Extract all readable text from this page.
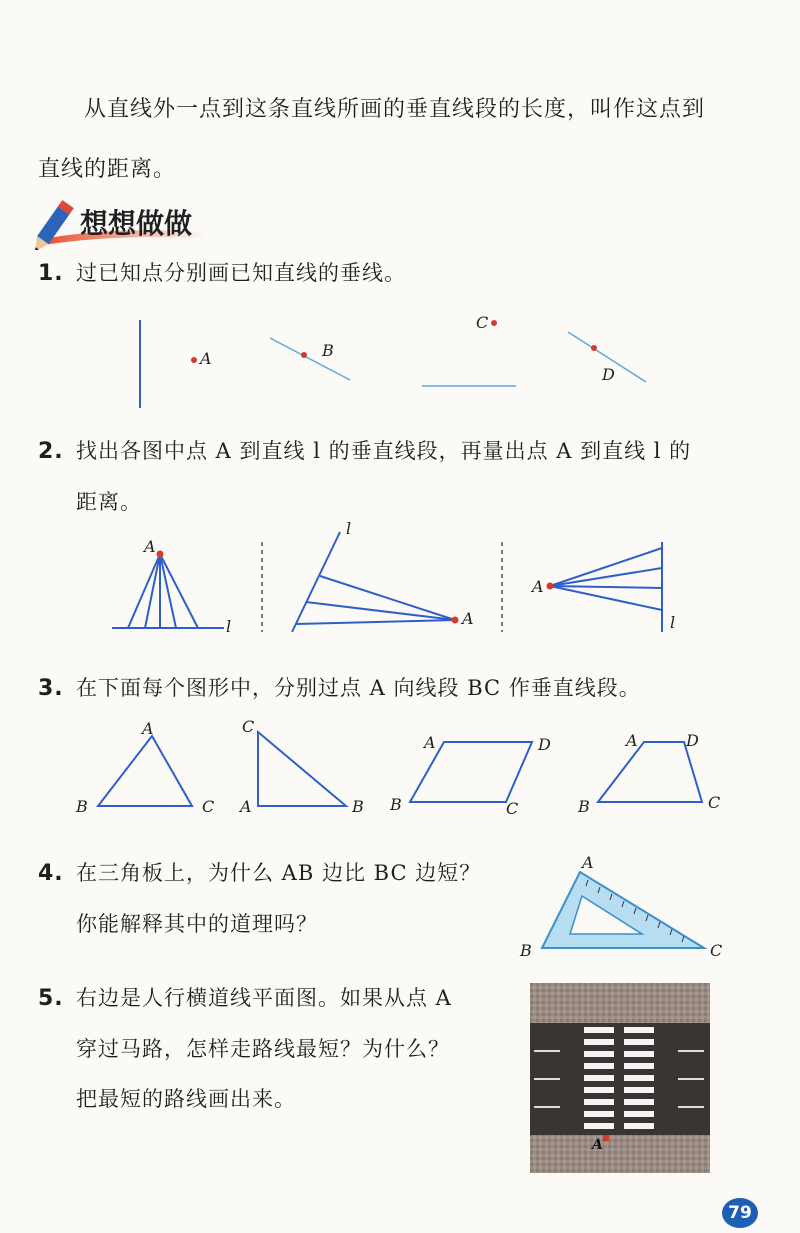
从直线外一点到这条直线所画的垂直线段的长度，叫作这点到
直线的距离。

想想做做
1. 过已知点分别画已知直线的垂线。
A	B
C
D
2. 找出各图中点 A 到直线 l 的垂直线段，再量出点 A 到直线 l 的
距离。
A
l
l
A
A
l
3. 在下面每个图形中，分别过点 A 向线段 BC 作垂直线段。
A
B	C
C
A	B
A	D
B	C
A	D
B	C
4. 在三角板上，为什么 AB 边比 BC 边短？
你能解释其中的道理吗？
A
B	C
5. 右边是人行横道线平面图。如果从点 A
穿过马路，怎样走路线最短？为什么？
把最短的路线画出来。
A
79
